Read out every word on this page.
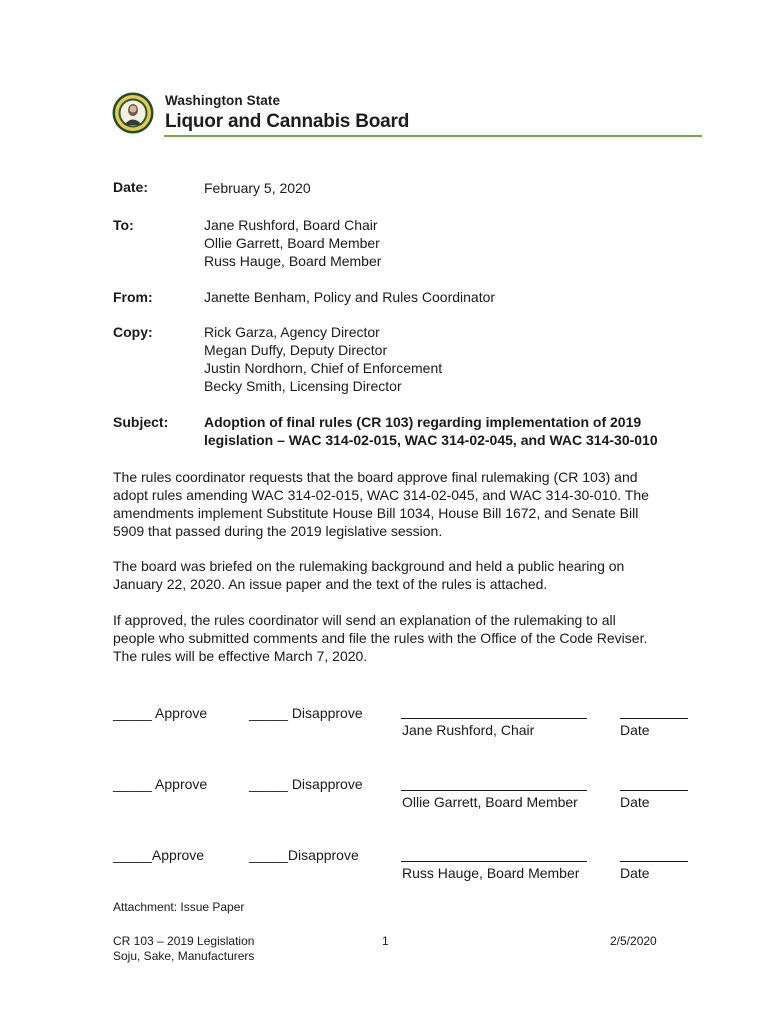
Washington State
Liquor and Cannabis Board
Date:	February 5, 2020
To:	Jane Rushford, Board Chair
Ollie Garrett, Board Member
Russ Hauge, Board Member
From:	Janette Benham, Policy and Rules Coordinator
Copy:	Rick Garza, Agency Director
Megan Duffy, Deputy Director
Justin Nordhorn, Chief of Enforcement
Becky Smith, Licensing Director
Subject:	Adoption of final rules (CR 103) regarding implementation of 2019
legislation – WAC 314-02-015, WAC 314-02-045, and WAC 314-30-010
The rules coordinator requests that the board approve final rulemaking (CR 103) and
adopt rules amending WAC 314-02-015, WAC 314-02-045, and WAC 314-30-010. The
amendments implement Substitute House Bill 1034, House Bill 1672, and Senate Bill
5909 that passed during the 2019 legislative session.
The board was briefed on the rulemaking background and held a public hearing on
January 22, 2020. An issue paper and the text of the rules is attached.
If approved, the rules coordinator will send an explanation of the rulemaking to all
people who submitted comments and file the rules with the Office of the Code Reviser.
The rules will be effective March 7, 2020.
_____ Approve	_____ Disapprove
Jane Rushford, Chair	Date
_____ Approve	_____ Disapprove
Ollie Garrett, Board Member	Date
_____Approve	_____Disapprove
Russ Hauge, Board Member	Date
Attachment: Issue Paper
CR 103 – 2019 Legislation
Soju, Sake, Manufacturers
1	2/5/2020
